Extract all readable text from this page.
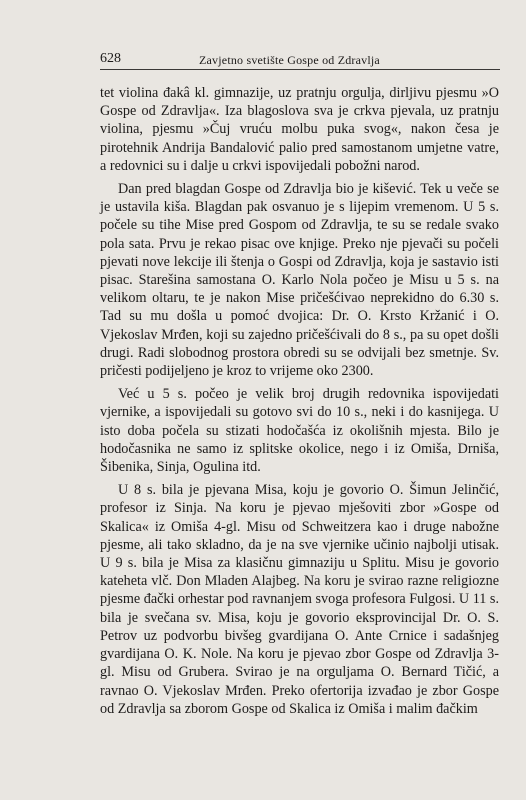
628	Zavjetno svetište Gospe od Zdravlja

tet violina đakâ kl. gimnazije, uz pratnju orgulja, dirljivu pjesmu »O Gospe od Zdravlja«. Iza blagoslova sva je crkva pjevala, uz pratnju violina, pjesmu »Čuj vruću molbu puka svog«, nakon česa je pirotehnik Andrija Bandalović palio pred samostanom umjetne vatre, a redovnici su i dalje u crkvi ispovijedali pobožni narod.

Dan pred blagdan Gospe od Zdravlja bio je kišević. Tek u veče se je ustavila kiša. Blagdan pak osvanuo je s lijepim vremenom. U 5 s. počele su tihe Mise pred Gospom od Zdravlja, te su se redale svako pola sata. Prvu je rekao pisac ove knjige. Preko nje pjevači su počeli pjevati nove lekcije ili štenja o Gospi od Zdravlja, koja je sastavio isti pisac. Starešina samostana O. Karlo Nola počeo je Misu u 5 s. na velikom oltaru, te je nakon Mise pričešćivao neprekidno do 6.30 s. Tad su mu došla u pomoć dvojica: Dr. O. Krsto Kržanić i O. Vjekoslav Mrđen, koji su zajedno pričešćivali do 8 s., pa su opet došli drugi. Radi slobodnog prostora obredi su se odvijali bez smetnje. Sv. pričesti podijeljeno je kroz to vrijeme oko 2300.

Već u 5 s. počeo je velik broj drugih redovnika ispovijedati vjernike, a ispovijedali su gotovo svi do 10 s., neki i do kasnijega. U isto doba počela su stizati hodočašća iz okolišnih mjesta. Bilo je hodočasnika ne samo iz splitske okolice, nego i iz Omiša, Drniša, Šibenika, Sinja, Ogulina itd.

U 8 s. bila je pjevana Misa, koju je govorio O. Šimun Jelinčić, profesor iz Sinja. Na koru je pjevao mješoviti zbor »Gospe od Skalica« iz Omiša 4-gl. Misu od Schweitzera kao i druge nabožne pjesme, ali tako skladno, da je na sve vjernike učinio najbolji utisak. U 9 s. bila je Misa za klasičnu gimnaziju u Splitu. Misu je govorio kateheta vlč. Don Mladen Alajbeg. Na koru je svirao razne religiozne pjesme đački orhestar pod ravnanjem svoga profesora Fulgosi. U 11 s. bila je svečana sv. Misa, koju je govorio eksprovincijal Dr. O. S. Petrov uz podvorbu bivšeg gvardijana O. Ante Crnice i sadašnjeg gvardijana O. K. Nole. Na koru je pjevao zbor Gospe od Zdravlja 3-gl. Misu od Grubera. Svirao je na orguljama O. Bernard Tičić, a ravnao O. Vjekoslav Mrđen. Preko ofertorija izvađao je zbor Gospe od Zdravlja sa zborom Gospe od Skalica iz Omiša i malim đačkim
